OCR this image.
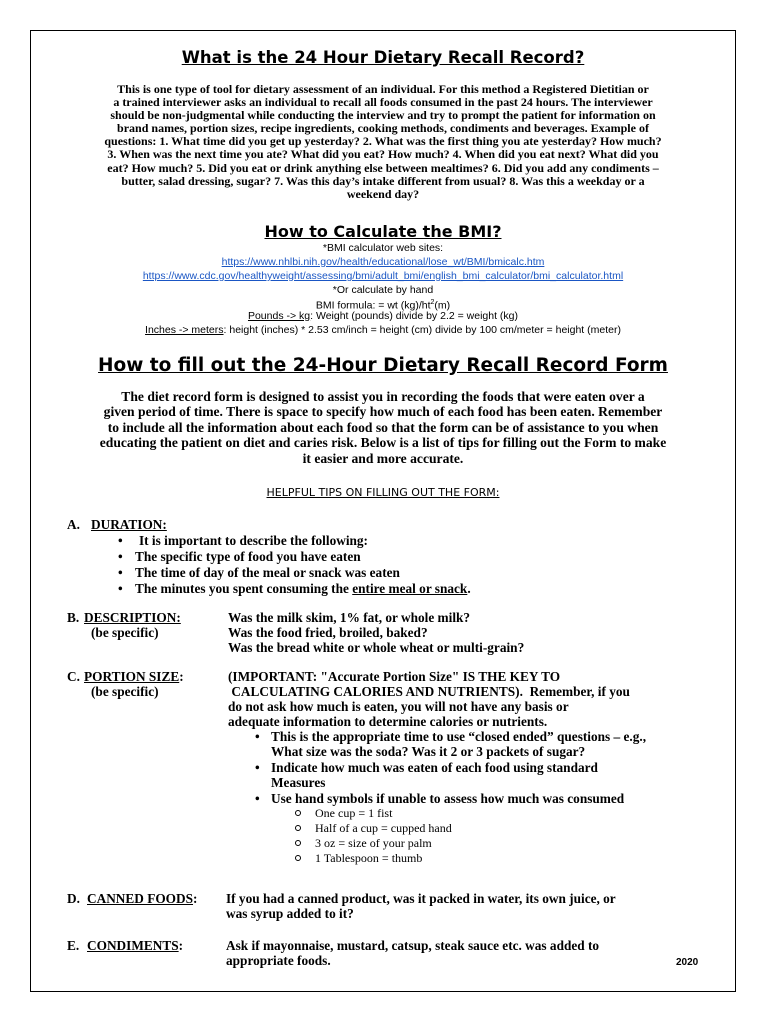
What is the 24 Hour Dietary Recall Record?
This is one type of tool for dietary assessment of an individual. For this method a Registered Dietitian or
a trained interviewer asks an individual to recall all foods consumed in the past 24 hours. The interviewer
should be non-judgmental while conducting the interview and try to prompt the patient for information on
brand names, portion sizes, recipe ingredients, cooking methods, condiments and beverages. Example of
questions: 1. What time did you get up yesterday? 2. What was the first thing you ate yesterday? How much?
3. When was the next time you ate? What did you eat? How much? 4. When did you eat next? What did you
eat? How much? 5. Did you eat or drink anything else between mealtimes? 6. Did you add any condiments –
butter, salad dressing, sugar? 7. Was this day’s intake different from usual? 8. Was this a weekday or a
weekend day?
How to Calculate the BMI?
*BMI calculator web sites:
https://www.nhlbi.nih.gov/health/educational/lose_wt/BMI/bmicalc.htm
https://www.cdc.gov/healthyweight/assessing/bmi/adult_bmi/english_bmi_calculator/bmi_calculator.html
*Or calculate by hand
BMI formula: = wt $(kg)/ht^2(m)$
Pounds -> kg: Weight (pounds) divide by 2.2 = weight (kg)
Inches -> meters: height (inches) * 2.53 cm/inch = height (cm) divide by 100 cm/meter = height (meter)
How to fill out the 24-Hour Dietary Recall Record Form
The diet record form is designed to assist you in recording the foods that were eaten over a
given period of time. There is space to specify how much of each food has been eaten. Remember
to include all the information about each food so that the form can be of assistance to you when
educating the patient on diet and caries risk. Below is a list of tips for filling out the Form to make
it easier and more accurate.
HELPFUL TIPS ON FILLING OUT THE FORM:
A. DURATION:
• It is important to describe the following:
• The specific type of food you have eaten
• The time of day of the meal or snack was eaten
• The minutes you spent consuming the entire meal or snack.
B. DESCRIPTION:
(be specific)
Was the milk skim, 1% fat, or whole milk?
Was the food fried, broiled, baked?
Was the bread white or whole wheat or multi-grain?
C. PORTION SIZE:
(be specific)
(IMPORTANT: "Accurate Portion Size" IS THE KEY TO
CALCULATING CALORIES AND NUTRIENTS).  Remember, if you
do not ask how much is eaten, you will not have any basis or
adequate information to determine calories or nutrients.
• This is the appropriate time to use “closed ended” questions – e.g.,
What size was the soda? Was it 2 or 3 packets of sugar?
• Indicate how much was eaten of each food using standard
Measures
• Use hand symbols if unable to assess how much was consumed
One cup = 1 fist
Half of a cup = cupped hand
3 oz = size of your palm
1 Tablespoon = thumb
D. CANNED FOODS: If you had a canned product, was it packed in water, its own juice, or
was syrup added to it?
E. CONDIMENTS:	Ask if mayonnaise, mustard, catsup, steak sauce etc. was added to
appropriate foods.	2020
